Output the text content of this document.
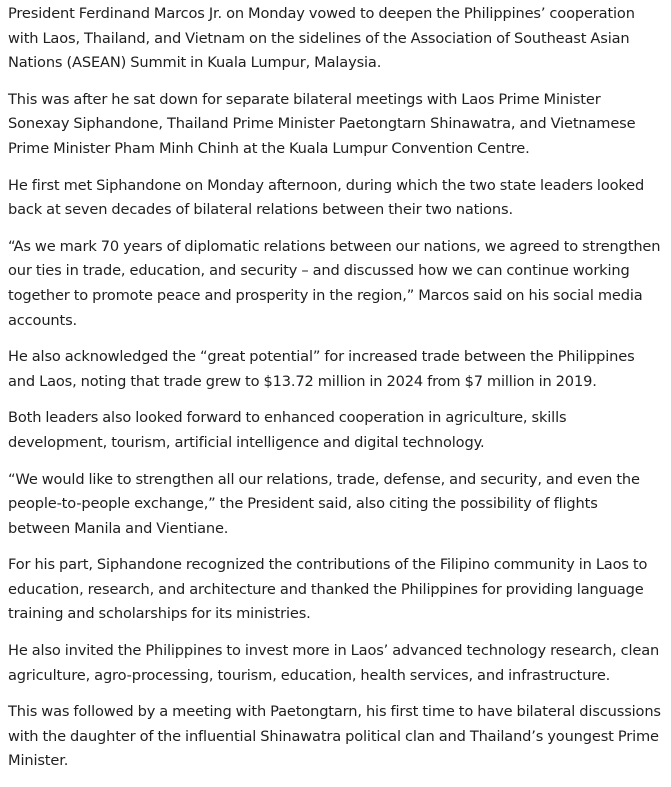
President Ferdinand Marcos Jr. on Monday vowed to deepen the Philippines’ cooperation with Laos, Thailand, and Vietnam on the sidelines of the Association of Southeast Asian Nations (ASEAN) Summit in Kuala Lumpur, Malaysia.

This was after he sat down for separate bilateral meetings with Laos Prime Minister Sonexay Siphandone, Thailand Prime Minister Paetongtarn Shinawatra, and Vietnamese Prime Minister Pham Minh Chinh at the Kuala Lumpur Convention Centre.

He first met Siphandone on Monday afternoon, during which the two state leaders looked back at seven decades of bilateral relations between their two nations.

“As we mark 70 years of diplomatic relations between our nations, we agreed to strengthen our ties in trade, education, and security – and discussed how we can continue working together to promote peace and prosperity in the region,” Marcos said on his social media accounts.

He also acknowledged the “great potential” for increased trade between the Philippines and Laos, noting that trade grew to $13.72 million in 2024 from $7 million in 2019.

Both leaders also looked forward to enhanced cooperation in agriculture, skills development, tourism, artificial intelligence and digital technology.

“We would like to strengthen all our relations, trade, defense, and security, and even the people-to-people exchange,” the President said, also citing the possibility of flights between Manila and Vientiane.

For his part, Siphandone recognized the contributions of the Filipino community in Laos to education, research, and architecture and thanked the Philippines for providing language training and scholarships for its ministries.

He also invited the Philippines to invest more in Laos’ advanced technology research, clean agriculture, agro-processing, tourism, education, health services, and infrastructure.

This was followed by a meeting with Paetongtarn, his first time to have bilateral discussions with the daughter of the influential Shinawatra political clan and Thailand’s youngest Prime Minister.
